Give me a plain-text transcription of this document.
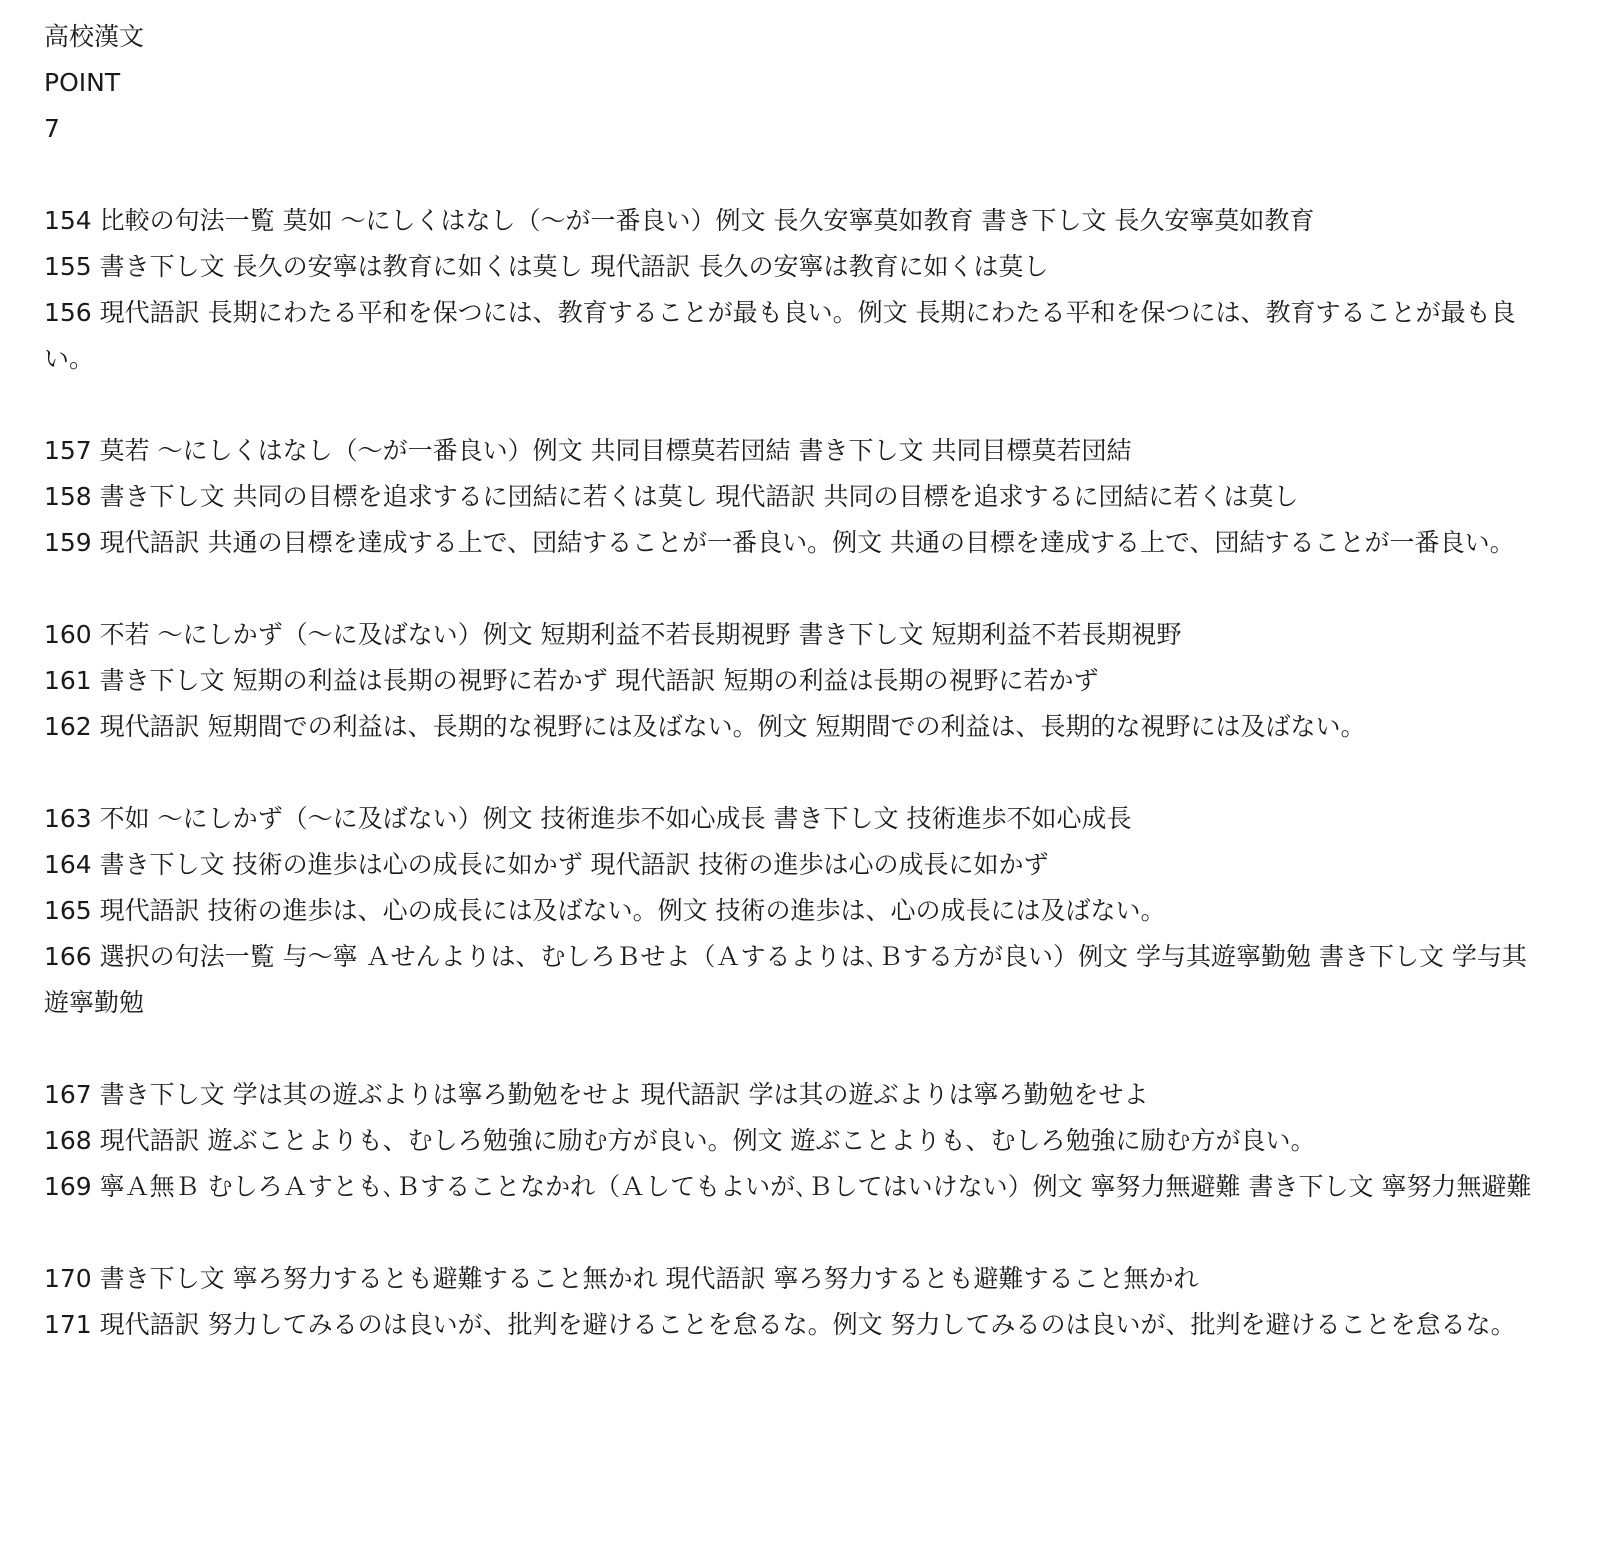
高校漢文
POINT
7
154 比較の句法一覧 莫如 〜にしくはなし（〜が一番良い）例文 長久安寧莫如教育 書き下し文 長久安寧莫如教育
155 書き下し文 長久の安寧は教育に如くは莫し 現代語訳 長久の安寧は教育に如くは莫し
156 現代語訳 長期にわたる平和を保つには、教育することが最も良い。例文 長期にわたる平和を保つには、教育することが最も良い。
157 莫若 〜にしくはなし（〜が一番良い）例文 共同目標莫若団結 書き下し文 共同目標莫若団結
158 書き下し文 共同の目標を追求するに団結に若くは莫し 現代語訳 共同の目標を追求するに団結に若くは莫し
159 現代語訳 共通の目標を達成する上で、団結することが一番良い。例文 共通の目標を達成する上で、団結することが一番良い。
160 不若 〜にしかず（〜に及ばない）例文 短期利益不若長期視野 書き下し文 短期利益不若長期視野
161 書き下し文 短期の利益は長期の視野に若かず 現代語訳 短期の利益は長期の視野に若かず
162 現代語訳 短期間での利益は、長期的な視野には及ばない。例文 短期間での利益は、長期的な視野には及ばない。
163 不如 〜にしかず（〜に及ばない）例文 技術進歩不如心成長 書き下し文 技術進歩不如心成長
164 書き下し文 技術の進歩は心の成長に如かず 現代語訳 技術の進歩は心の成長に如かず
165 現代語訳 技術の進歩は、心の成長には及ばない。例文 技術の進歩は、心の成長には及ばない。
166 選択の句法一覧 与〜寧 Ａせんよりは、むしろＢせよ（Ａするよりは､Ｂする方が良い）例文 学与其遊寧勤勉 書き下し文 学与其遊寧勤勉
167 書き下し文 学は其の遊ぶよりは寧ろ勤勉をせよ 現代語訳 学は其の遊ぶよりは寧ろ勤勉をせよ
168 現代語訳 遊ぶことよりも、むしろ勉強に励む方が良い。例文 遊ぶことよりも、むしろ勉強に励む方が良い。
169 寧Ａ無Ｂ むしろＡすとも､Ｂすることなかれ（Ａしてもよいが､Ｂしてはいけない）例文 寧努力無避難 書き下し文 寧努力無避難
170 書き下し文 寧ろ努力するとも避難すること無かれ 現代語訳 寧ろ努力するとも避難すること無かれ
171 現代語訳 努力してみるのは良いが、批判を避けることを怠るな。例文 努力してみるのは良いが、批判を避けることを怠るな。
